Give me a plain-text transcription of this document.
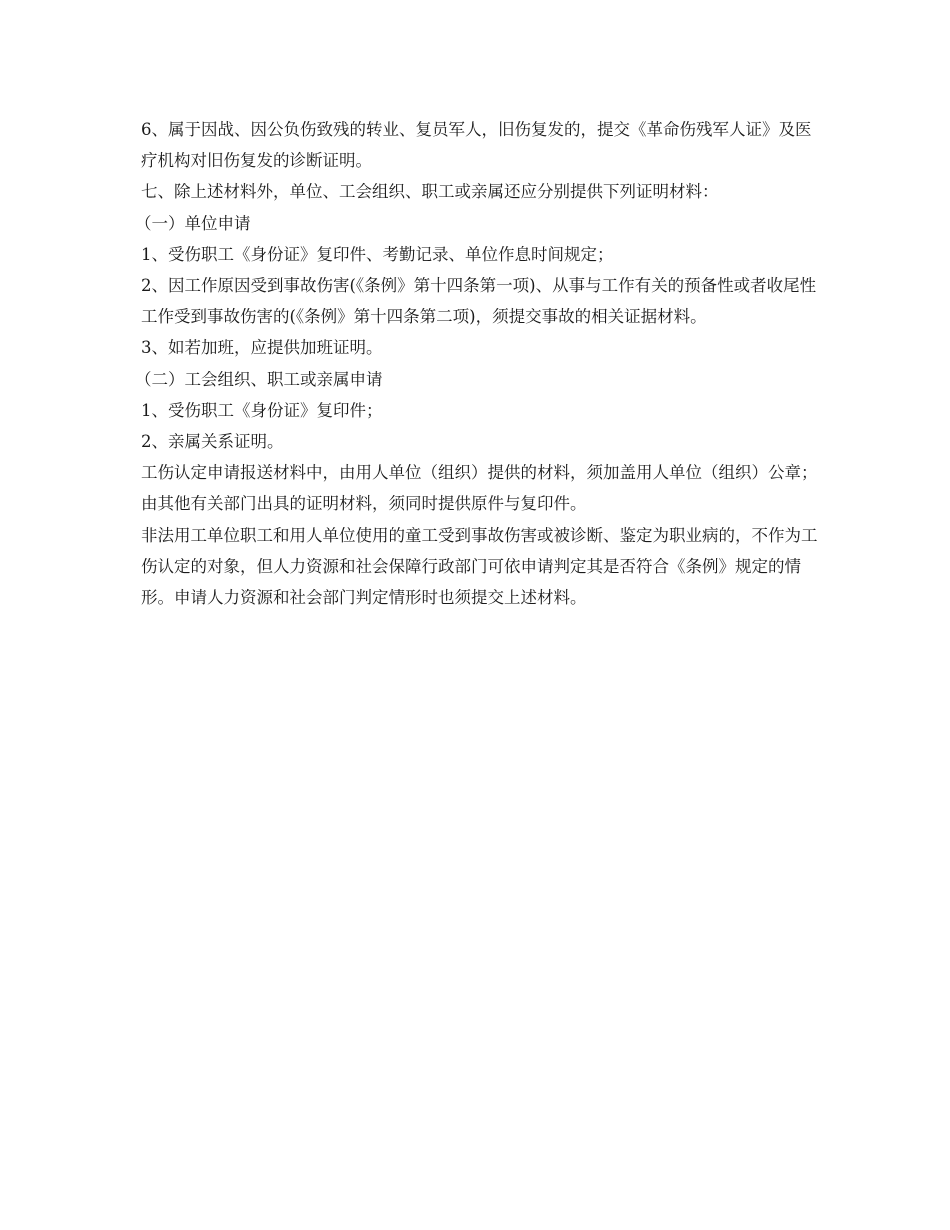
6、属于因战、因公负伤致残的转业、复员军人，旧伤复发的，提交《革命伤残军人证》及医疗机构对旧伤复发的诊断证明。

七、除上述材料外，单位、工会组织、职工或亲属还应分别提供下列证明材料：

（一）单位申请

1、受伤职工《身份证》复印件、考勤记录、单位作息时间规定；

2、因工作原因受到事故伤害(《条例》第十四条第一项)、从事与工作有关的预备性或者收尾性工作受到事故伤害的(《条例》第十四条第二项)，须提交事故的相关证据材料。

3、如若加班，应提供加班证明。

（二）工会组织、职工或亲属申请

1、受伤职工《身份证》复印件；

2、亲属关系证明。

工伤认定申请报送材料中，由用人单位（组织）提供的材料，须加盖用人单位（组织）公章；由其他有关部门出具的证明材料，须同时提供原件与复印件。

非法用工单位职工和用人单位使用的童工受到事故伤害或被诊断、鉴定为职业病的，不作为工伤认定的对象，但人力资源和社会保障行政部门可依申请判定其是否符合《条例》规定的情形。申请人力资源和社会部门判定情形时也须提交上述材料。
